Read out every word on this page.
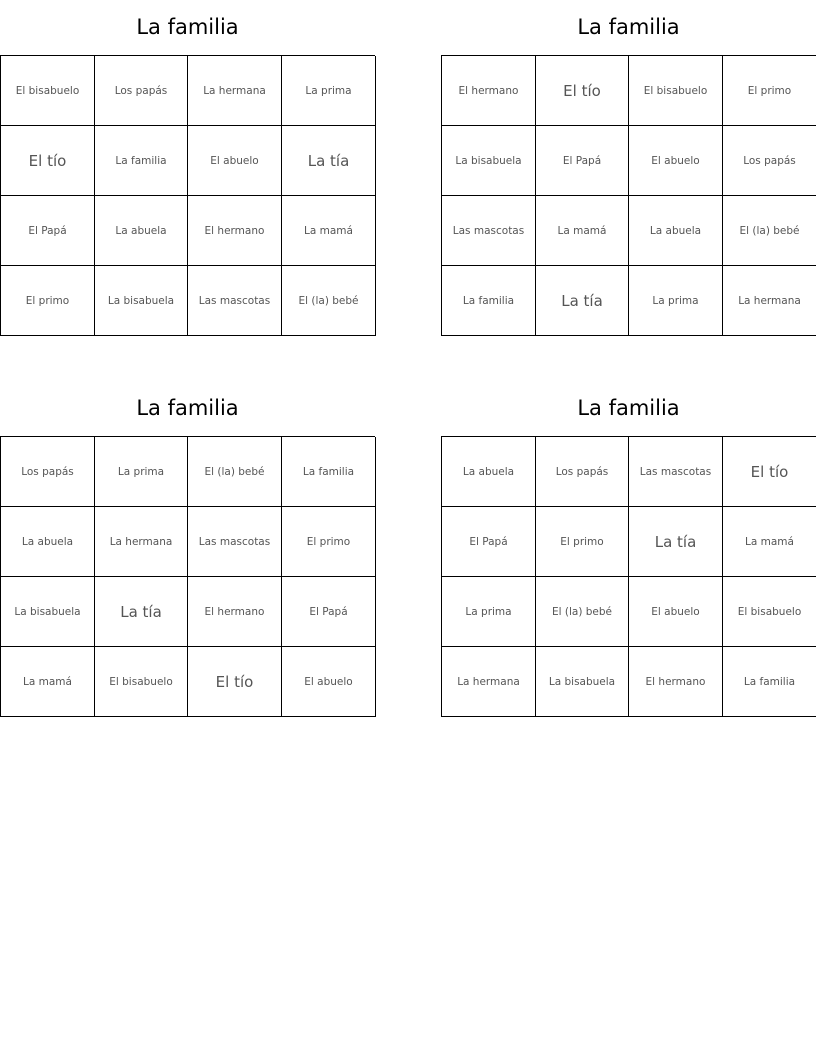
La familia
El bisabuelo	Los papás	La hermana	La prima
El tío	La familia	El abuelo	La tía
El Papá	La abuela	El hermano	La mamá
El primo	La bisabuela	Las mascotas	El (la) bebé
La familia
El hermano	El tío	El bisabuelo	El primo
La bisabuela	El Papá	El abuelo	Los papás
Las mascotas	La mamá	La abuela	El (la) bebé
La familia	La tía	La prima	La hermana
La familia
Los papás	La prima	El (la) bebé	La familia
La abuela	La hermana	Las mascotas	El primo
La bisabuela	La tía	El hermano	El Papá
La mamá	El bisabuelo	El tío	El abuelo
La familia
La abuela	Los papás	Las mascotas	El tío
El Papá	El primo	La tía	La mamá
La prima	El (la) bebé	El abuelo	El bisabuelo
La hermana	La bisabuela	El hermano	La familia
